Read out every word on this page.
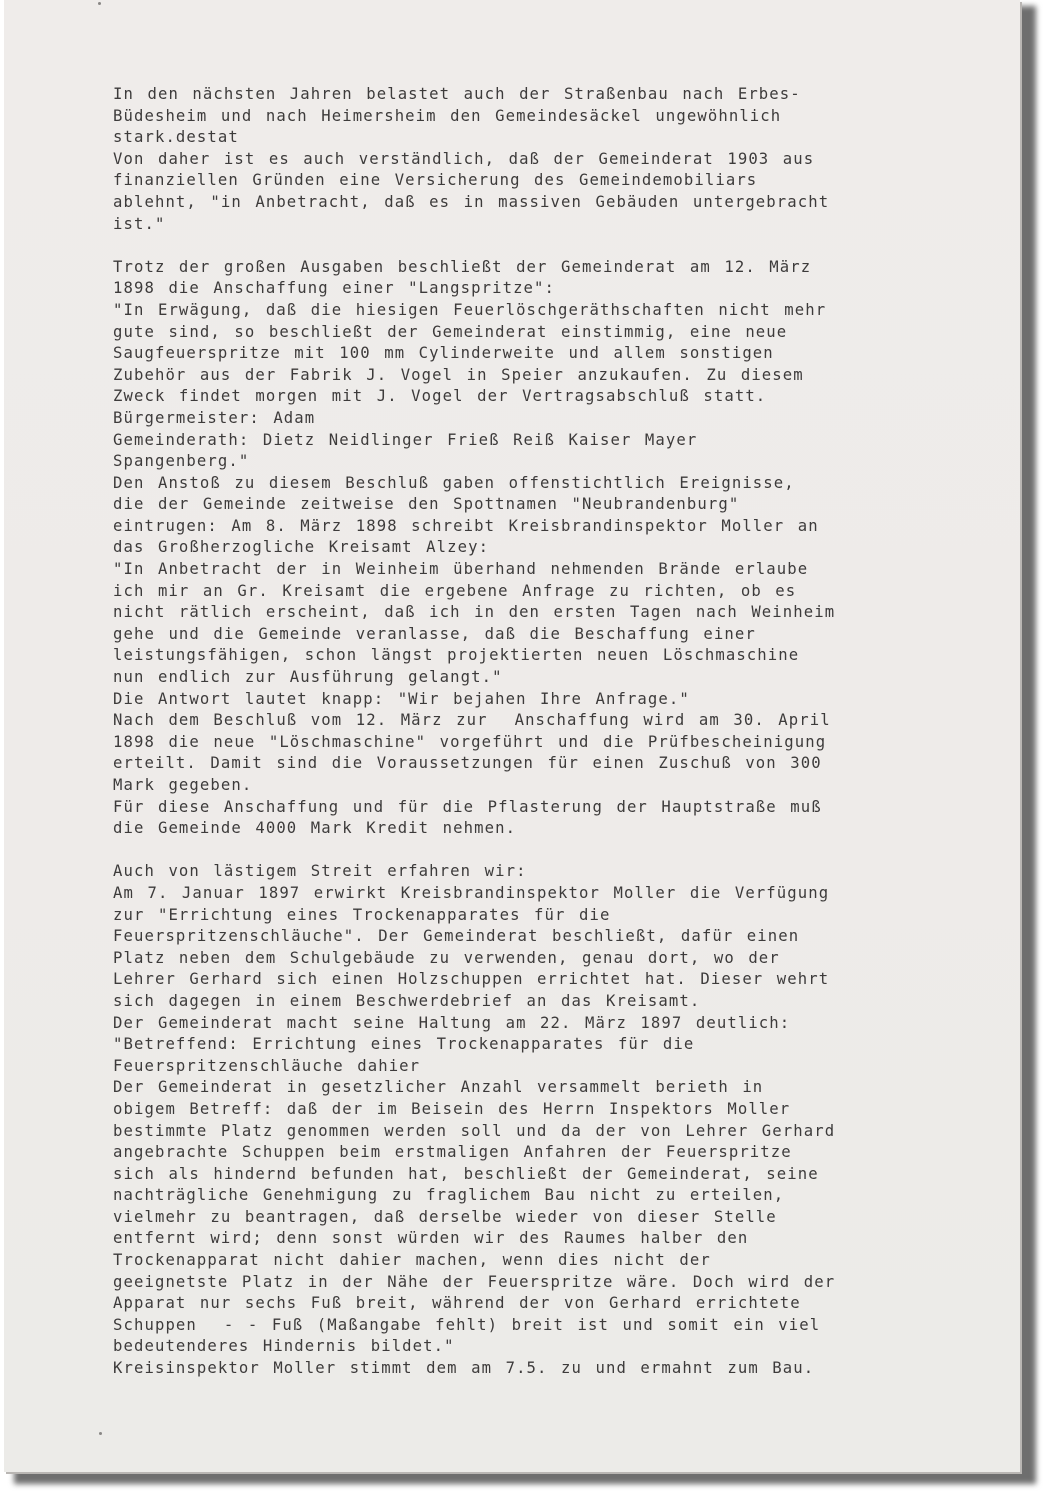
In den nächsten Jahren belastet auch der Straßenbau nach Erbes-
Büdesheim und nach Heimersheim den Gemeindesäckel ungewöhnlich
stark.destat
Von daher ist es auch verständlich, daß der Gemeinderat 1903 aus
finanziellen Gründen eine Versicherung des Gemeindemobiliars
ablehnt, "in Anbetracht, daß es in massiven Gebäuden untergebracht
ist."
Trotz der großen Ausgaben beschließt der Gemeinderat am 12. März
1898 die Anschaffung einer "Langspritze":
"In Erwägung, daß die hiesigen Feuerlöschgeräthschaften nicht mehr
gute sind, so beschließt der Gemeinderat einstimmig, eine neue
Saugfeuerspritze mit 100 mm Cylinderweite und allem sonstigen
Zubehör aus der Fabrik J. Vogel in Speier anzukaufen. Zu diesem
Zweck findet morgen mit J. Vogel der Vertragsabschluß statt.
Bürgermeister: Adam
Gemeinderath: Dietz Neidlinger Frieß Reiß Kaiser Mayer
Spangenberg."
Den Anstoß zu diesem Beschluß gaben offenstichtlich Ereignisse,
die der Gemeinde zeitweise den Spottnamen "Neubrandenburg"
eintrugen: Am 8. März 1898 schreibt Kreisbrandinspektor Moller an
das Großherzogliche Kreisamt Alzey:
"In Anbetracht der in Weinheim überhand nehmenden Brände erlaube
ich mir an Gr. Kreisamt die ergebene Anfrage zu richten, ob es
nicht rätlich erscheint, daß ich in den ersten Tagen nach Weinheim
gehe und die Gemeinde veranlasse, daß die Beschaffung einer
leistungsfähigen, schon längst projektierten neuen Löschmaschine
nun endlich zur Ausführung gelangt."
Die Antwort lautet knapp: "Wir bejahen Ihre Anfrage."
Nach dem Beschluß vom 12. März zur  Anschaffung wird am 30. April
1898 die neue "Löschmaschine" vorgeführt und die Prüfbescheinigung
erteilt. Damit sind die Voraussetzungen für einen Zuschuß von 300
Mark gegeben.
Für diese Anschaffung und für die Pflasterung der Hauptstraße muß
die Gemeinde 4000 Mark Kredit nehmen.
Auch von lästigem Streit erfahren wir:
Am 7. Januar 1897 erwirkt Kreisbrandinspektor Moller die Verfügung
zur "Errichtung eines Trockenapparates für die
Feuerspritzenschläuche". Der Gemeinderat beschließt, dafür einen
Platz neben dem Schulgebäude zu verwenden, genau dort, wo der
Lehrer Gerhard sich einen Holzschuppen errichtet hat. Dieser wehrt
sich dagegen in einem Beschwerdebrief an das Kreisamt.
Der Gemeinderat macht seine Haltung am 22. März 1897 deutlich:
"Betreffend: Errichtung eines Trockenapparates für die
Feuerspritzenschläuche dahier
Der Gemeinderat in gesetzlicher Anzahl versammelt berieth in
obigem Betreff: daß der im Beisein des Herrn Inspektors Moller
bestimmte Platz genommen werden soll und da der von Lehrer Gerhard
angebrachte Schuppen beim erstmaligen Anfahren der Feuerspritze
sich als hindernd befunden hat, beschließt der Gemeinderat, seine
nachträgliche Genehmigung zu fraglichem Bau nicht zu erteilen,
vielmehr zu beantragen, daß derselbe wieder von dieser Stelle
entfernt wird; denn sonst würden wir des Raumes halber den
Trockenapparat nicht dahier machen, wenn dies nicht der
geeignetste Platz in der Nähe der Feuerspritze wäre. Doch wird der
Apparat nur sechs Fuß breit, während der von Gerhard errichtete
Schuppen  - - Fuß (Maßangabe fehlt) breit ist und somit ein viel
bedeutenderes Hindernis bildet."
Kreisinspektor Moller stimmt dem am 7.5. zu und ermahnt zum Bau.
